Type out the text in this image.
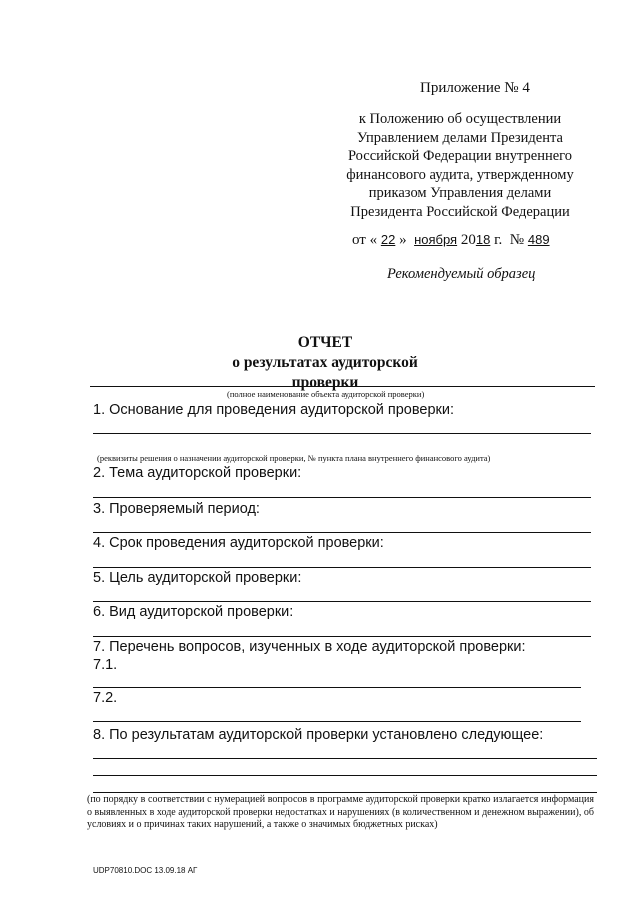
Приложение № 4
к Положению об осуществлении
Управлением делами Президента
Российской Федерации внутреннего
финансового аудита, утвержденному
приказом Управления делами
Президента Российской Федерации
от « 22 » ноября 2018 г. № 489
Рекомендуемый образец
ОТЧЕТ
о результатах аудиторской проверки
(полное наименование объекта аудиторской проверки)
1. Основание для проведения аудиторской проверки:
(реквизиты решения о назначении аудиторской проверки, № пункта плана внутреннего финансового аудита)
2. Тема аудиторской проверки:
3. Проверяемый период:
4. Срок проведения аудиторской проверки:
5. Цель аудиторской проверки:
6. Вид аудиторской проверки:
7. Перечень вопросов, изученных в ходе аудиторской проверки:
7.1.
7.2.
8. По результатам аудиторской проверки установлено следующее:
(по порядку в соответствии с нумерацией вопросов в программе аудиторской проверки кратко излагается информация о выявленных в ходе аудиторской проверки недостатках и нарушениях (в количественном и денежном выражении), об условиях и о причинах таких нарушений, а также о значимых бюджетных рисках)
UDP70810.DOC 13.09.18 АГ
